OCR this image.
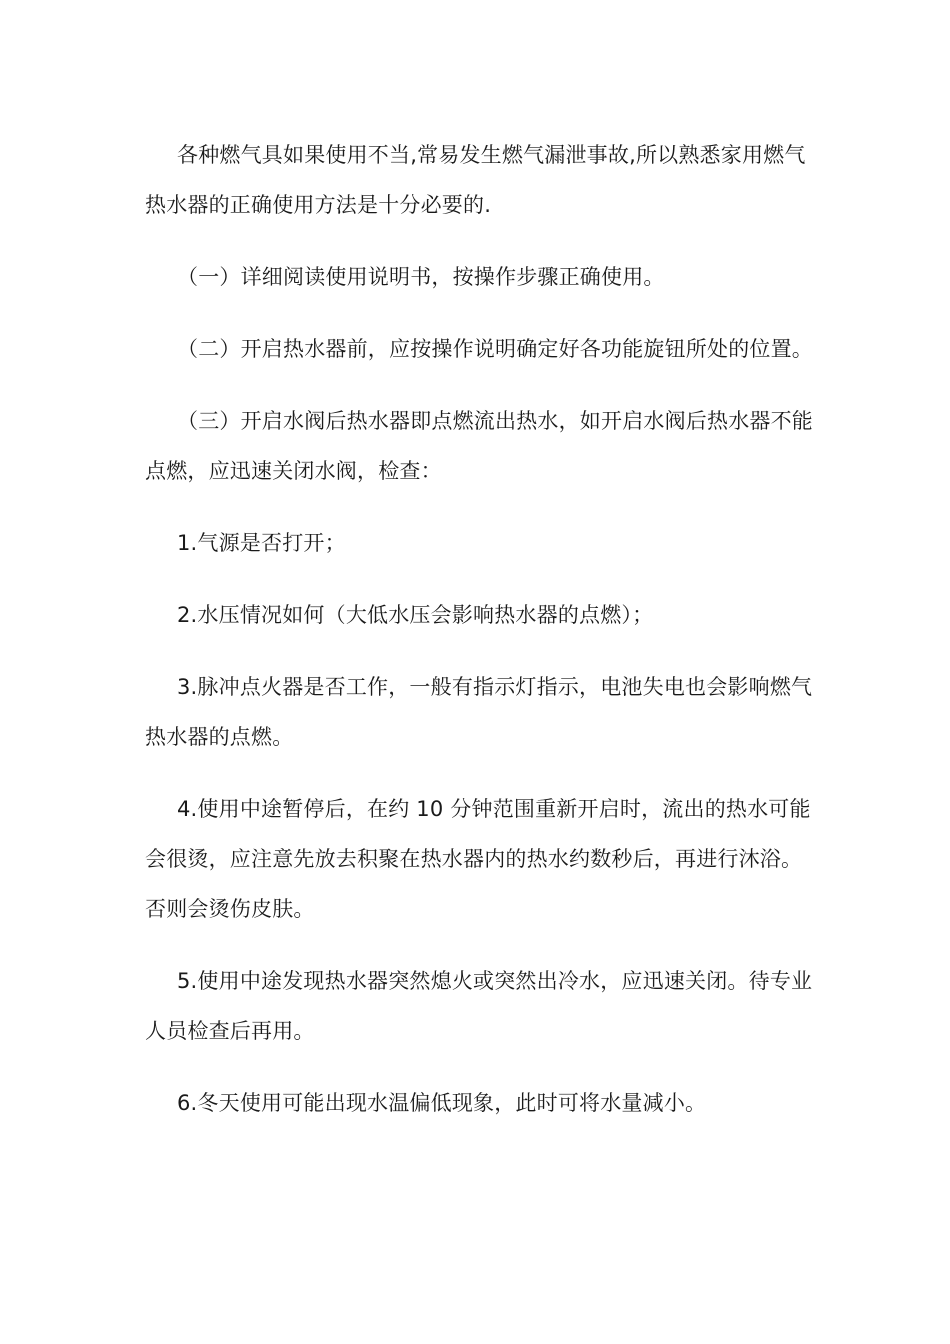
各种燃气具如果使用不当,常易发生燃气漏泄事故,所以熟悉家用燃气热水器的正确使用方法是十分必要的.

（一）详细阅读使用说明书，按操作步骤正确使用。

（二）开启热水器前，应按操作说明确定好各功能旋钮所处的位置。

（三）开启水阀后热水器即点燃流出热水，如开启水阀后热水器不能点燃，应迅速关闭水阀，检查：

1.气源是否打开；

2.水压情况如何（大低水压会影响热水器的点燃）；

3.脉冲点火器是否工作，一般有指示灯指示，电池失电也会影响燃气热水器的点燃。

4.使用中途暂停后，在约 10 分钟范围重新开启时，流出的热水可能会很烫，应注意先放去积聚在热水器内的热水约数秒后，再进行沐浴。否则会烫伤皮肤。

5.使用中途发现热水器突然熄火或突然出冷水，应迅速关闭。待专业人员检查后再用。

6.冬天使用可能出现水温偏低现象，此时可将水量减小。
